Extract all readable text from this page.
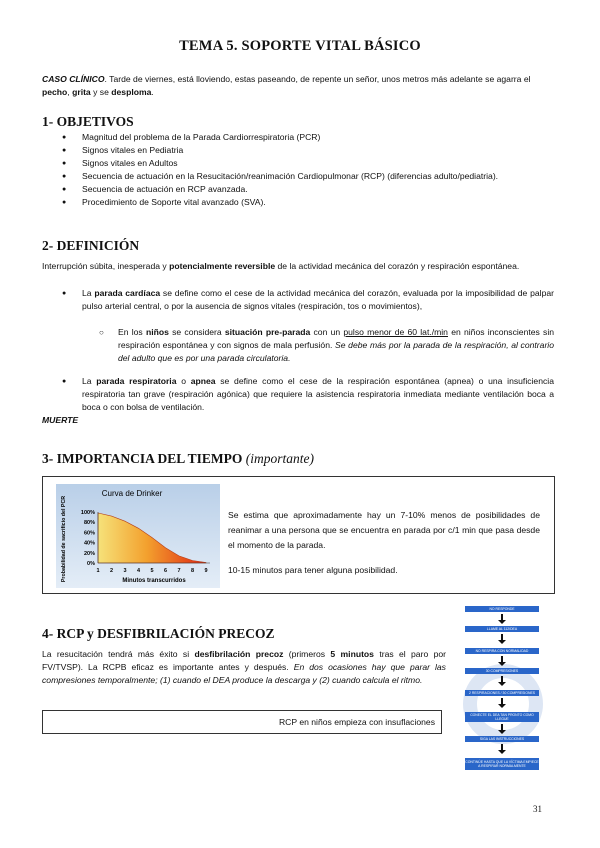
TEMA 5. SOPORTE VITAL BÁSICO
CASO CLÍNICO. Tarde de viernes, está lloviendo, estas paseando, de repente un señor, unos metros más adelante se agarra el pecho, grita y se desploma.
1- OBJETIVOS
● Magnitud del problema de la Parada Cardiorrespiratoria (PCR)
● Signos vitales en Pediatria
● Signos vitales en Adultos
● Secuencia de actuación en la Resucitación/reanimación Cardiopulmonar (RCP) (diferencias adulto/pediatria).
● Secuencia de actuación en RCP avanzada.
● Procedimiento de Soporte vital avanzado (SVA).
2- DEFINICIÓN
Interrupción súbita, inesperada y potencialmente reversible de la actividad mecánica del corazón y respiración espontánea.
● La parada cardíaca se define como el cese de la actividad mecánica del corazón, evaluada por la imposibilidad de palpar pulso arterial central, o por la ausencia de signos vitales (respiración, tos o movimientos),
○ En los niños se considera situación pre-parada con un pulso menor de 60 lat./min en niños inconscientes sin respiración espontánea y con signos de mala perfusión. Se debe más por la parada de la respiración, al contrario del adulto que es por una parada circulatoria.
● La parada respiratoria o apnea se define como el cese de la respiración espontánea (apnea) o una insuficiencia respiratoria tan grave (respiración agónica) que requiere la asistencia respiratoria inmediata mediante ventilación boca a boca o con bolsa de ventilación.
MUERTE
3- IMPORTANCIA DEL TIEMPO (importante)
Curva de Drinker
Probabilidad de sacrificio del PCR	100%
80%
60%
40%
20%
0%
1 2 3 4 5 6 7 8 9
Minutos transcurridos
Se estima que aproximadamente hay un 7-10% menos de posibilidades de reanimar a una persona que se encuentra en parada por c/1 min que pasa desde el momento de la parada.
10-15 minutos para tener alguna posibilidad.
4- RCP y DESFIBRILACIÓN PRECOZ
La resucitación tendrá más éxito si desfibrilación precoz (primeros 5 minutos tras el paro por FV/TVSP). La RCPB eficaz es importante antes y después. En dos ocasiones hay que parar las compresiones temporalmente; (1) cuando el DEA produce la descarga y (2) cuando calcula el ritmo.
RCP en niños empieza con insuflaciones
NO RESPONDE
LLAME AL 112/DEA
NO RESPIRA CON NORMALIDAD
30 COMPRESIONES
2 RESPIRACIONES / 30 COMPRESIONES
CONECTE EL DEA TAN PRONTO COMO LLEGUE
SIGA LAS INSTRUCCIONES
CONTINÚE HASTA QUE LA VÍCTIMA EMPIECE A RESPIRAR NORMALMENTE
31
